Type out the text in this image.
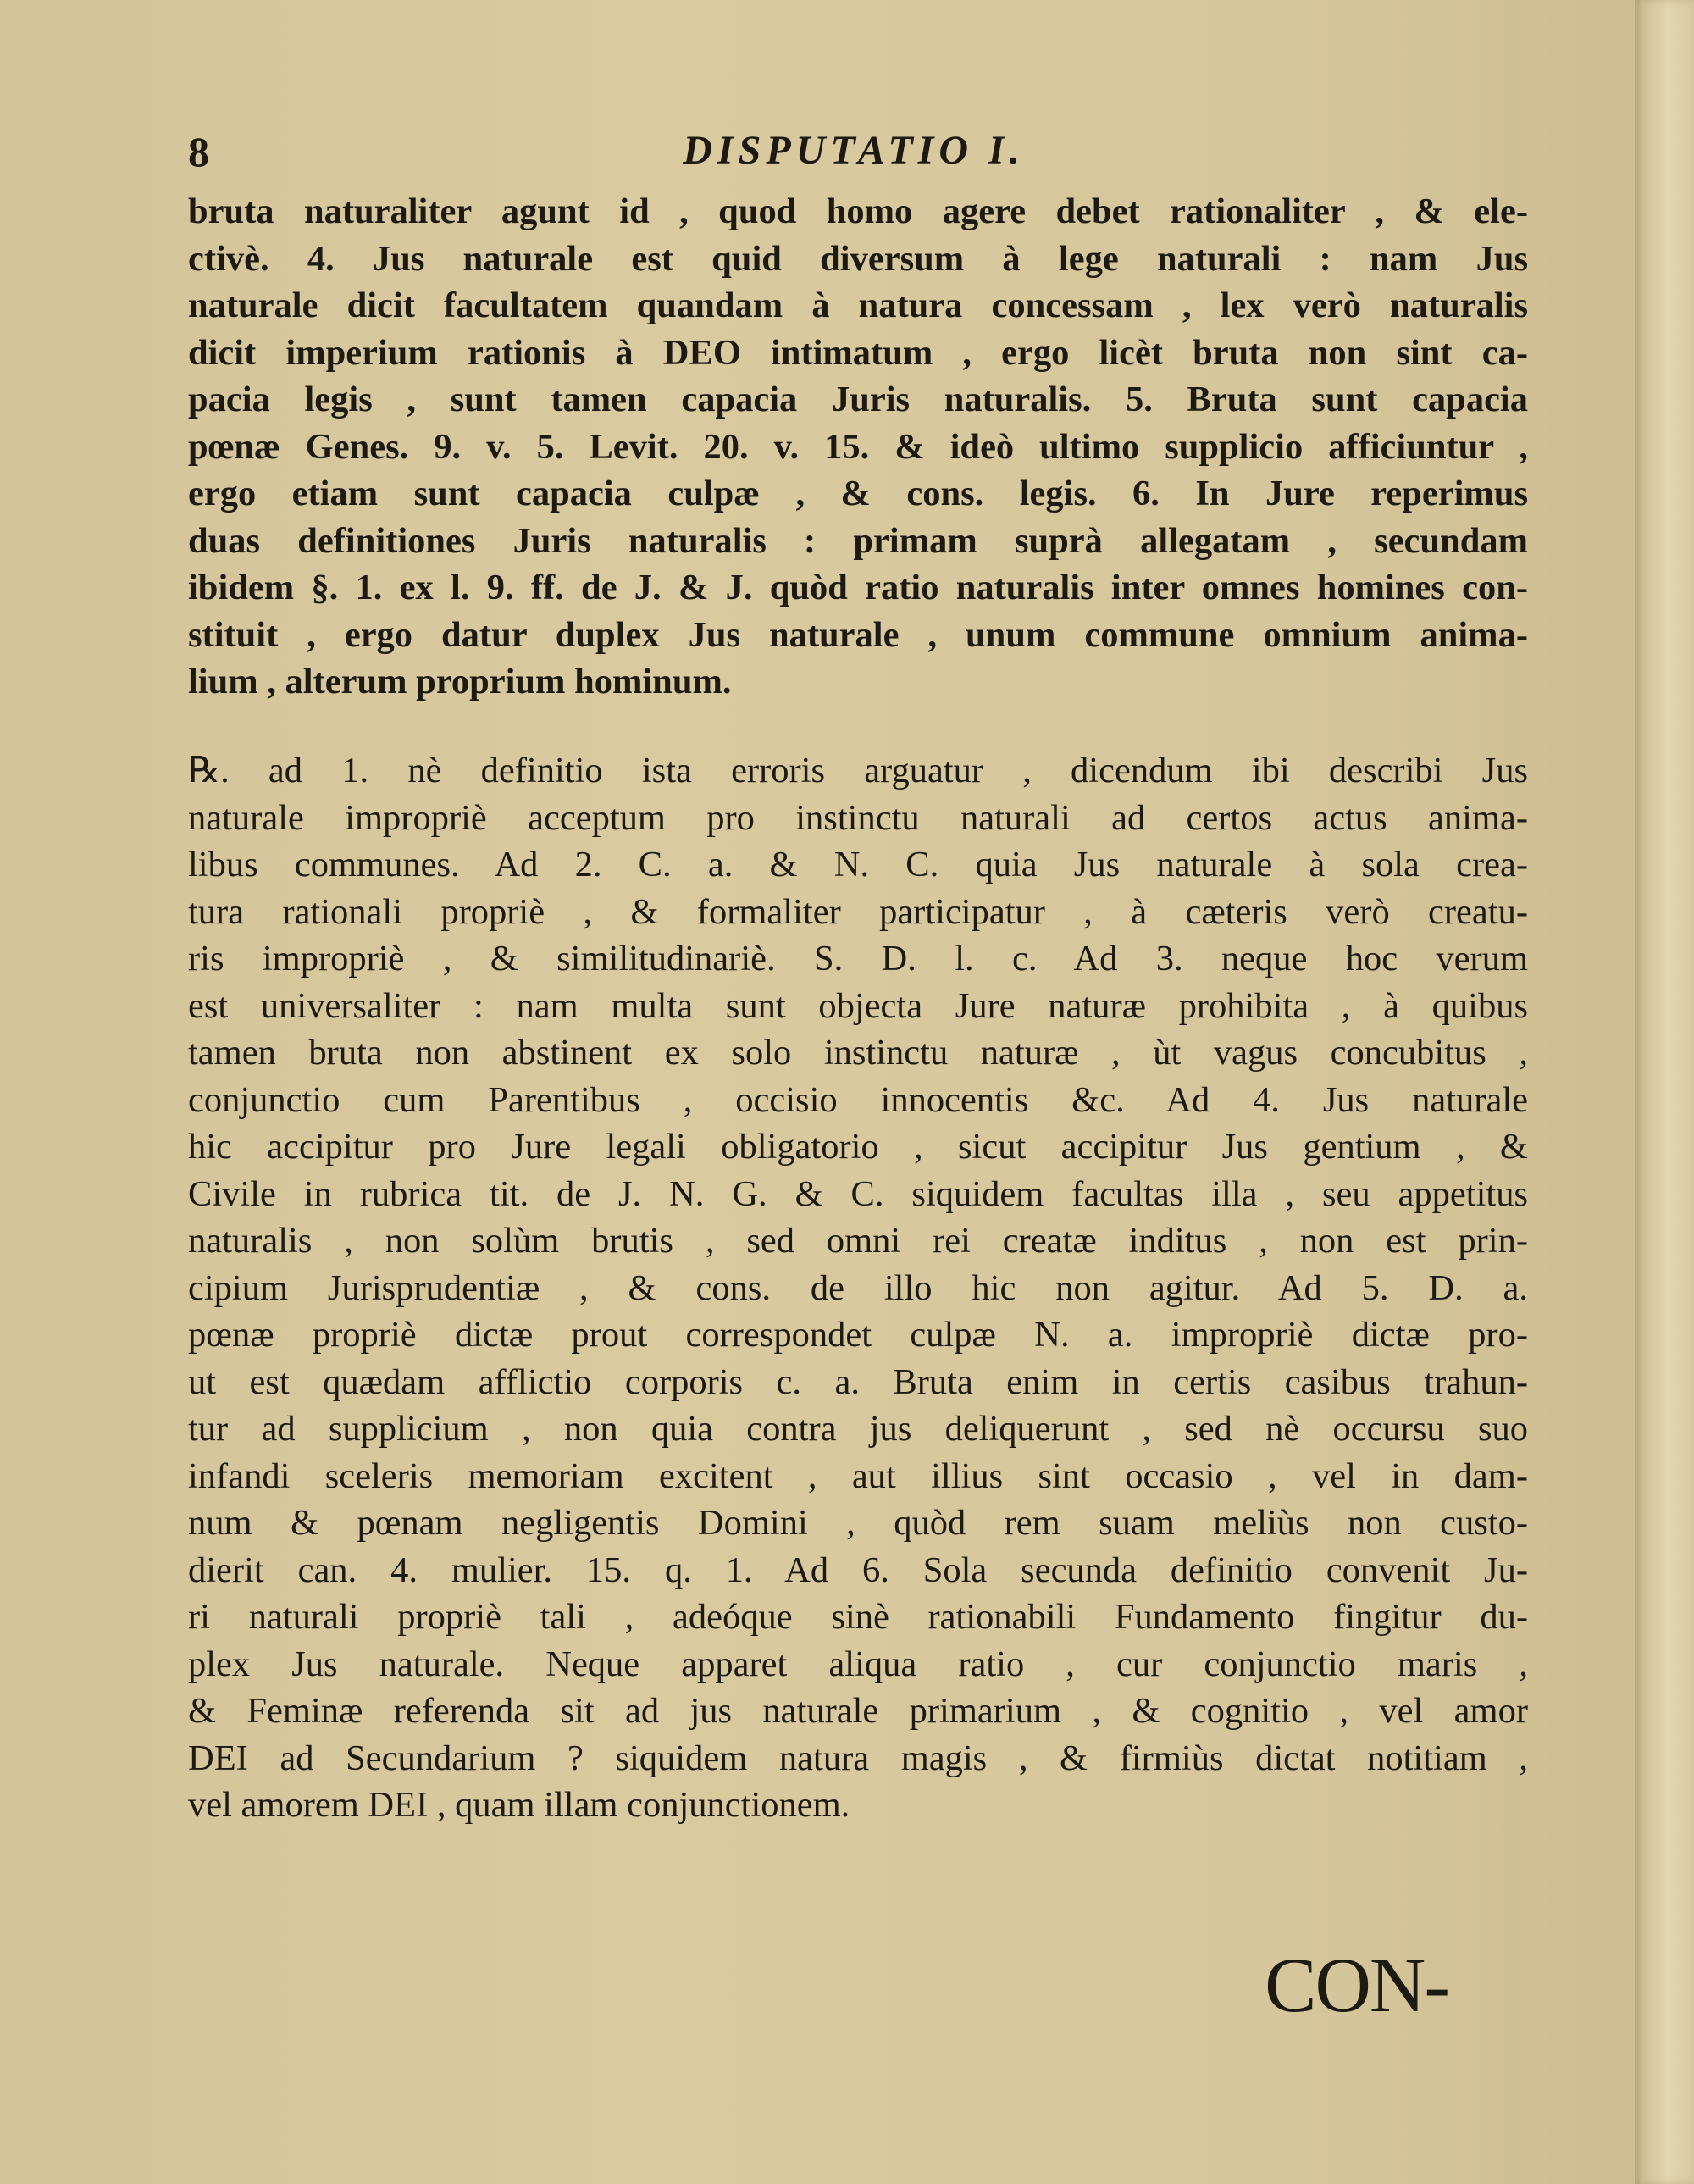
8	DISPUTATIO I.
bruta naturaliter agunt id , quod homo agere debet rationaliter , & ele-
ctivè. 4. Jus naturale est quid diversum à lege naturali : nam Jus
naturale dicit facultatem quandam à natura concessam , lex verò naturalis
dicit imperium rationis à DEO intimatum , ergo licèt bruta non sint ca-
pacia legis , sunt tamen capacia Juris naturalis. 5. Bruta sunt capacia
pœnæ Genes. 9. v. 5. Levit. 20. v. 15. & ideò ultimo supplicio afficiuntur ,
ergo etiam sunt capacia culpæ , & cons. legis. 6. In Jure reperimus
duas definitiones Juris naturalis : primam suprà allegatam , secundam
ibidem §. 1. ex l. 9. ff. de J. & J. quòd ratio naturalis inter omnes homines con-
stituit , ergo datur duplex Jus naturale , unum commune omnium anima-
lium , alterum proprium hominum.
℞. ad 1. nè definitio ista erroris arguatur , dicendum ibi describi Jus
naturale impropriè acceptum pro instinctu naturali ad certos actus anima-
libus communes. Ad 2. C. a. & N. C. quia Jus naturale à sola crea-
tura rationali propriè , & formaliter participatur , à cæteris verò creatu-
ris impropriè , & similitudinariè. S. D. l. c. Ad 3. neque hoc verum
est universaliter : nam multa sunt objecta Jure naturæ prohibita , à quibus
tamen bruta non abstinent ex solo instinctu naturæ , ùt vagus concubitus ,
conjunctio cum Parentibus , occisio innocentis &c. Ad 4. Jus naturale
hic accipitur pro Jure legali obligatorio , sicut accipitur Jus gentium , &
Civile in rubrica tit. de J. N. G. & C. siquidem facultas illa , seu appetitus
naturalis , non solùm brutis , sed omni rei creatæ inditus , non est prin-
cipium Jurisprudentiæ , & cons. de illo hic non agitur. Ad 5. D. a.
pœnæ propriè dictæ prout correspondet culpæ N. a. impropriè dictæ pro-
ut est quædam afflictio corporis c. a. Bruta enim in certis casibus trahun-
tur ad supplicium , non quia contra jus deliquerunt , sed nè occursu suo
infandi sceleris memoriam excitent , aut illius sint occasio , vel in dam-
num & pœnam negligentis Domini , quòd rem suam meliùs non custo-
dierit can. 4. mulier. 15. q. 1. Ad 6. Sola secunda definitio convenit Ju-
ri naturali propriè tali , adeóque sinè rationabili Fundamento fingitur du-
plex Jus naturale. Neque apparet aliqua ratio , cur conjunctio maris ,
& Feminæ referenda sit ad jus naturale primarium , & cognitio , vel amor
DEI ad Secundarium ? siquidem natura magis , & firmiùs dictat notitiam ,
vel amorem DEI , quam illam conjunctionem.
CON-
